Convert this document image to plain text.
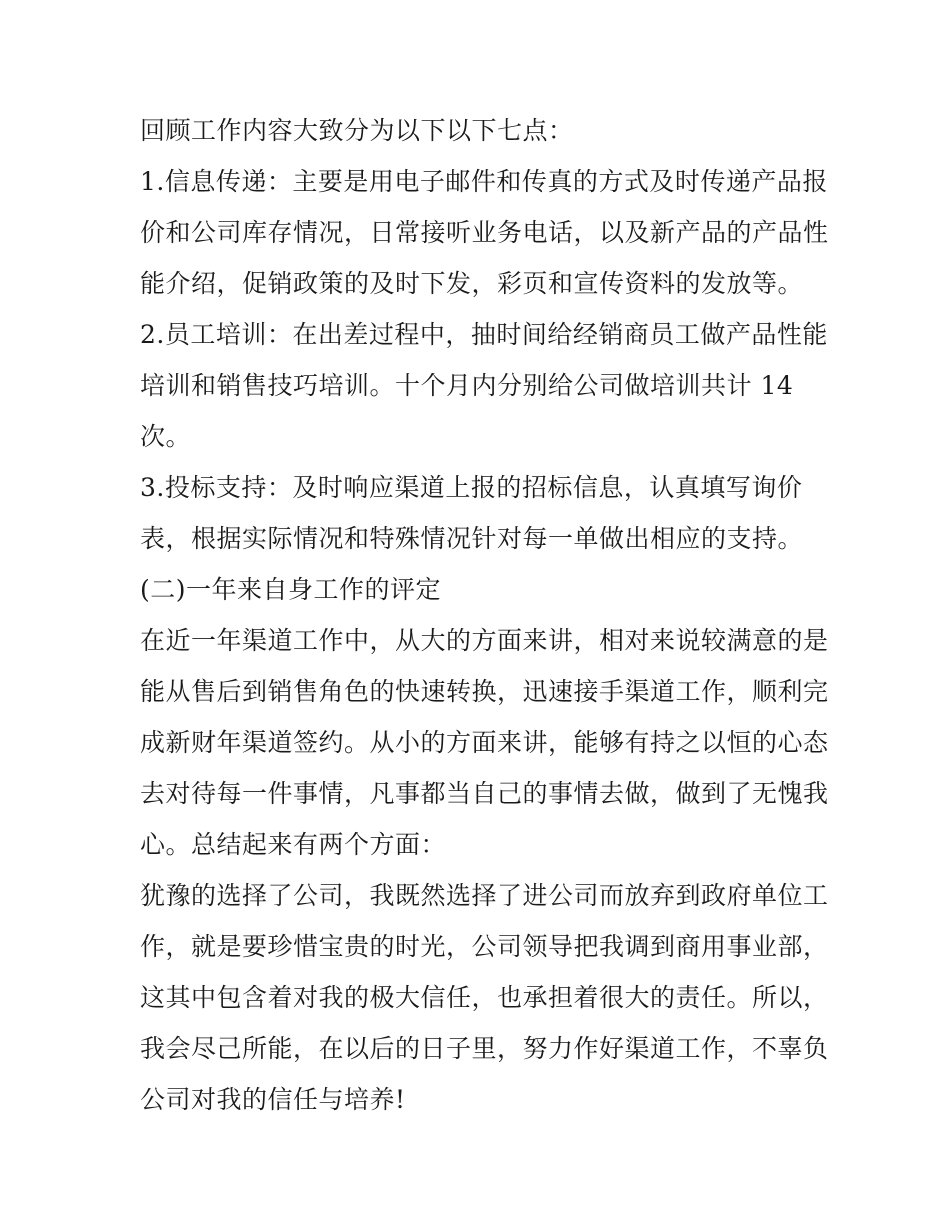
回顾工作内容大致分为以下以下七点：
1.信息传递：主要是用电子邮件和传真的方式及时传递产品报
价和公司库存情况，日常接听业务电话，以及新产品的产品性
能介绍，促销政策的及时下发，彩页和宣传资料的发放等。
2.员工培训：在出差过程中，抽时间给经销商员工做产品性能
培训和销售技巧培训。十个月内分别给公司做培训共计 14
次。
3.投标支持：及时响应渠道上报的招标信息，认真填写询价
表，根据实际情况和特殊情况针对每一单做出相应的支持。
(二)一年来自身工作的评定
在近一年渠道工作中，从大的方面来讲，相对来说较满意的是
能从售后到销售角色的快速转换，迅速接手渠道工作，顺利完
成新财年渠道签约。从小的方面来讲，能够有持之以恒的心态
去对待每一件事情，凡事都当自己的事情去做，做到了无愧我
心。总结起来有两个方面：
犹豫的选择了公司，我既然选择了进公司而放弃到政府单位工
作，就是要珍惜宝贵的时光，公司领导把我调到商用事业部，
这其中包含着对我的极大信任，也承担着很大的责任。所以，
我会尽己所能，在以后的日子里，努力作好渠道工作，不辜负
公司对我的信任与培养!
